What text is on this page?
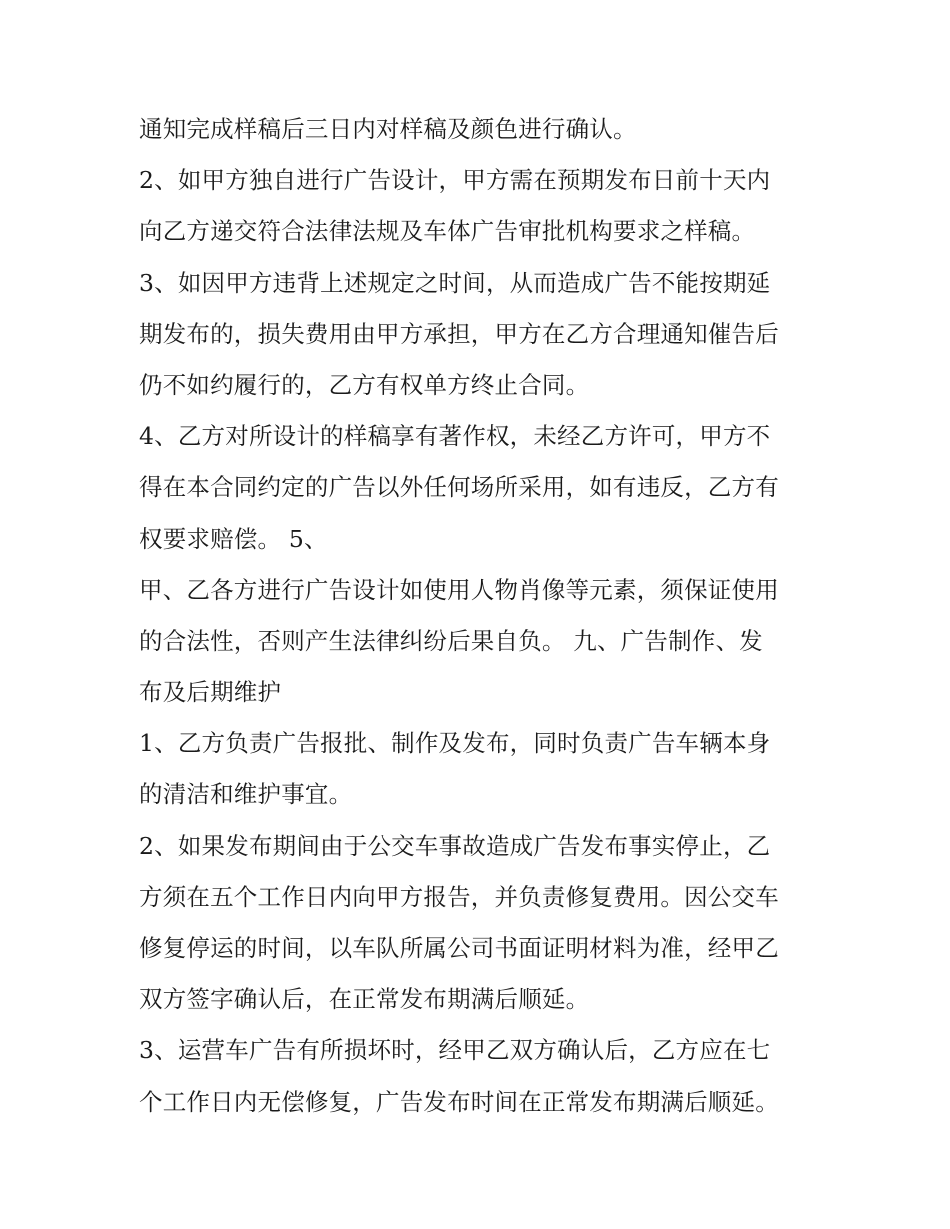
通知完成样稿后三日内对样稿及颜色进行确认。
2、如甲方独自进行广告设计，甲方需在预期发布日前十天内
向乙方递交符合法律法规及车体广告审批机构要求之样稿。
3、如因甲方违背上述规定之时间，从而造成广告不能按期延
期发布的，损失费用由甲方承担，甲方在乙方合理通知催告后
仍不如约履行的，乙方有权单方终止合同。
4、乙方对所设计的样稿享有著作权，未经乙方许可，甲方不
得在本合同约定的广告以外任何场所采用，如有违反，乙方有
权要求赔偿。 5、
甲、乙各方进行广告设计如使用人物肖像等元素，须保证使用
的合法性，否则产生法律纠纷后果自负。 九、广告制作、发
布及后期维护
1、乙方负责广告报批、制作及发布，同时负责广告车辆本身
的清洁和维护事宜。
2、如果发布期间由于公交车事故造成广告发布事实停止，乙
方须在五个工作日内向甲方报告，并负责修复费用。因公交车
修复停运的时间，以车队所属公司书面证明材料为准，经甲乙
双方签字确认后，在正常发布期满后顺延。
3、运营车广告有所损坏时，经甲乙双方确认后，乙方应在七
个工作日内无偿修复，广告发布时间在正常发布期满后顺延。
